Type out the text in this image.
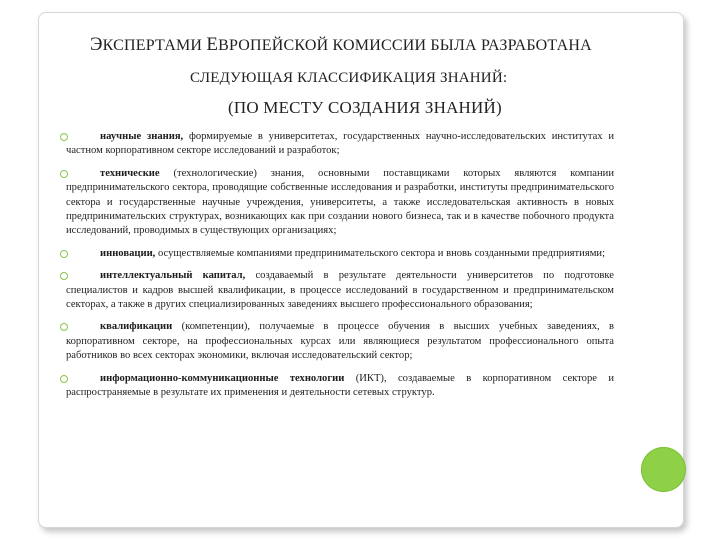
ЭКСПЕРТАМИ ЕВРОПЕЙСКОЙ КОМИССИИ БЫЛА РАЗРАБОТАНА
СЛЕДУЮЩАЯ КЛАССИФИКАЦИЯ ЗНАНИЙ:
(ПО МЕСТУ СОЗДАНИЯ ЗНАНИЙ)
научные знания, формируемые в университетах, государственных научно-исследовательских институтах и частном корпоративном секторе исследований и разработок;
технические (технологические) знания, основными поставщиками которых являются компании предпринимательского сектора, проводящие собственные исследования и разработки, институты предпринимательского сектора и государственные научные учреждения, университеты, а также исследовательская активность в новых предпринимательских структурах, возникающих как при создании нового бизнеса, так и в качестве побочного продукта исследований, проводимых в существующих организациях;
инновации, осуществляемые компаниями предпринимательского сектора и вновь созданными предприятиями;
интеллектуальный капитал, создаваемый в результате деятельности университетов по подготовке специалистов и кадров высшей квалификации, в процессе исследований в государственном и предпринимательском секторах, а также в других специализированных заведениях высшего профессионального образования;
квалификации (компетенции), получаемые в процессе обучения в высших учебных заведениях, в корпоративном секторе, на профессиональных курсах или являющиеся результатом профессионального опыта работников во всех секторах экономики, включая исследовательский сектор;
информационно-коммуникационные технологии (ИКТ), создаваемые в корпоративном секторе и распространяемые в результате их применения и деятельности сетевых структур.
